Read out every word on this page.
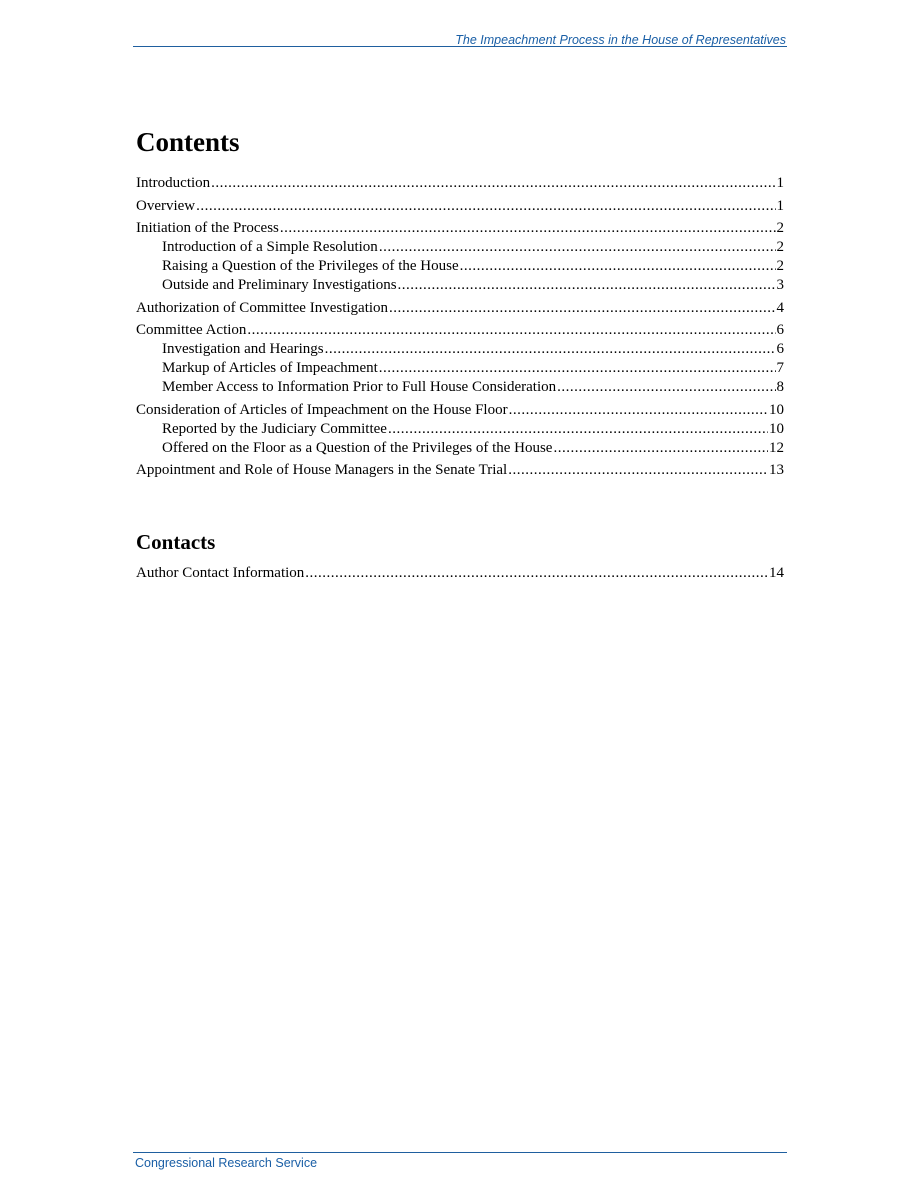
The Impeachment Process in the House of Representatives
Contents
Introduction .....	1
Overview .....	1
Initiation of the Process .....	2
Introduction of a Simple Resolution .....	2
Raising a Question of the Privileges of the House .....	2
Outside and Preliminary Investigations .....	3
Authorization of Committee Investigation .....	4
Committee Action .....	6
Investigation and Hearings .....	6
Markup of Articles of Impeachment .....	7
Member Access to Information Prior to Full House Consideration .....	8
Consideration of Articles of Impeachment on the House Floor .....	10
Reported by the Judiciary Committee .....	10
Offered on the Floor as a Question of the Privileges of the House .....	12
Appointment and Role of House Managers in the Senate Trial .....	13
Contacts
Author Contact Information .....	14
Congressional Research Service
